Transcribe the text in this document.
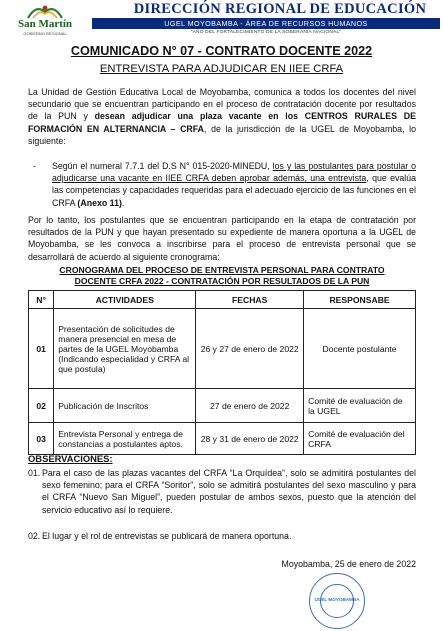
San Martín
GOBIERNO REGIONAL
DIRECCIÓN REGIONAL DE EDUCACIÓN
UGEL MOYOBAMBA - ÁREA DE RECURSOS HUMANOS
"AÑO DEL FORTALECIMIENTO DE LA SOBERANÍA NACIONAL"
COMUNICADO N° 07 - CONTRATO DOCENTE 2022
ENTREVISTA PARA ADJUDICAR EN IIEE CRFA
La Unidad de Gestión Educativa Local de Moyobamba, comunica a todos los docentes del nivel secundario que se encuentran participando en el proceso de contratación docente por resultados de la PUN y desean adjudicar una plaza vacante en los CENTROS RURALES DE FORMACIÓN EN ALTERNANCIA – CRFA, de la jurisdicción de la UGEL de Moyobamba, lo siguiente:
- Según el numeral 7.7.1 del D.S N° 015-2020-MINEDU, los y las postulantes para postular o adjudicarse una vacante en IIEE CRFA deben aprobar además, una entrevista, que evalúa las competencias y capacidades requeridas para el adecuado ejercicio de las funciones en el CRFA (Anexo 11).
Por lo tanto, los postulantes que se encuentran participando en la etapa de contratación por resultados de la PUN y que hayan presentado su expediente de manera oportuna a la UGEL de Moyobamba, se les convoca a inscribirse para el proceso de entrevista personal que se desarrollará de acuerdo al siguiente cronograma:
CRONOGRAMA DEL PROCESO DE ENTREVISTA PERSONAL PARA CONTRATO
DOCENTE CRFA 2022 - CONTRATACIÓN POR RESULTADOS DE LA PUN
N°	ACTIVIDADES	FECHAS	RESPONSABE
01	Presentación de solicitudes de manera presencial en mesa de partes de la UGEL Moyobamba (Indicando especialidad y CRFA al que postula)	26 y 27 de enero de 2022	Docente postulante
02	Publicación de Inscritos	27 de enero de 2022	Comité de evaluación de la UGEL
03	Entrevista Personal y entrega de constancias a postulantes aptos.	28 y 31 de enero de 2022	Comité de evaluación del CRFA
OBSERVACIONES:
01. Para el caso de las plazas vacantes del CRFA “La Orquídea”, solo se admitirá postulantes del sexo femenino; para el CRFA “Soritor”, solo se admitirá postulantes del sexo masculino y para el CRFA “Nuevo San Miguel”, pueden postular de ambos sexos, puesto que la atención del servicio educativo así lo requiere.
02. El lugar y el rol de entrevistas se publicará de manera oportuna.
Moyobamba, 25 de enero de 2022
UGEL MOYOBAMBA
